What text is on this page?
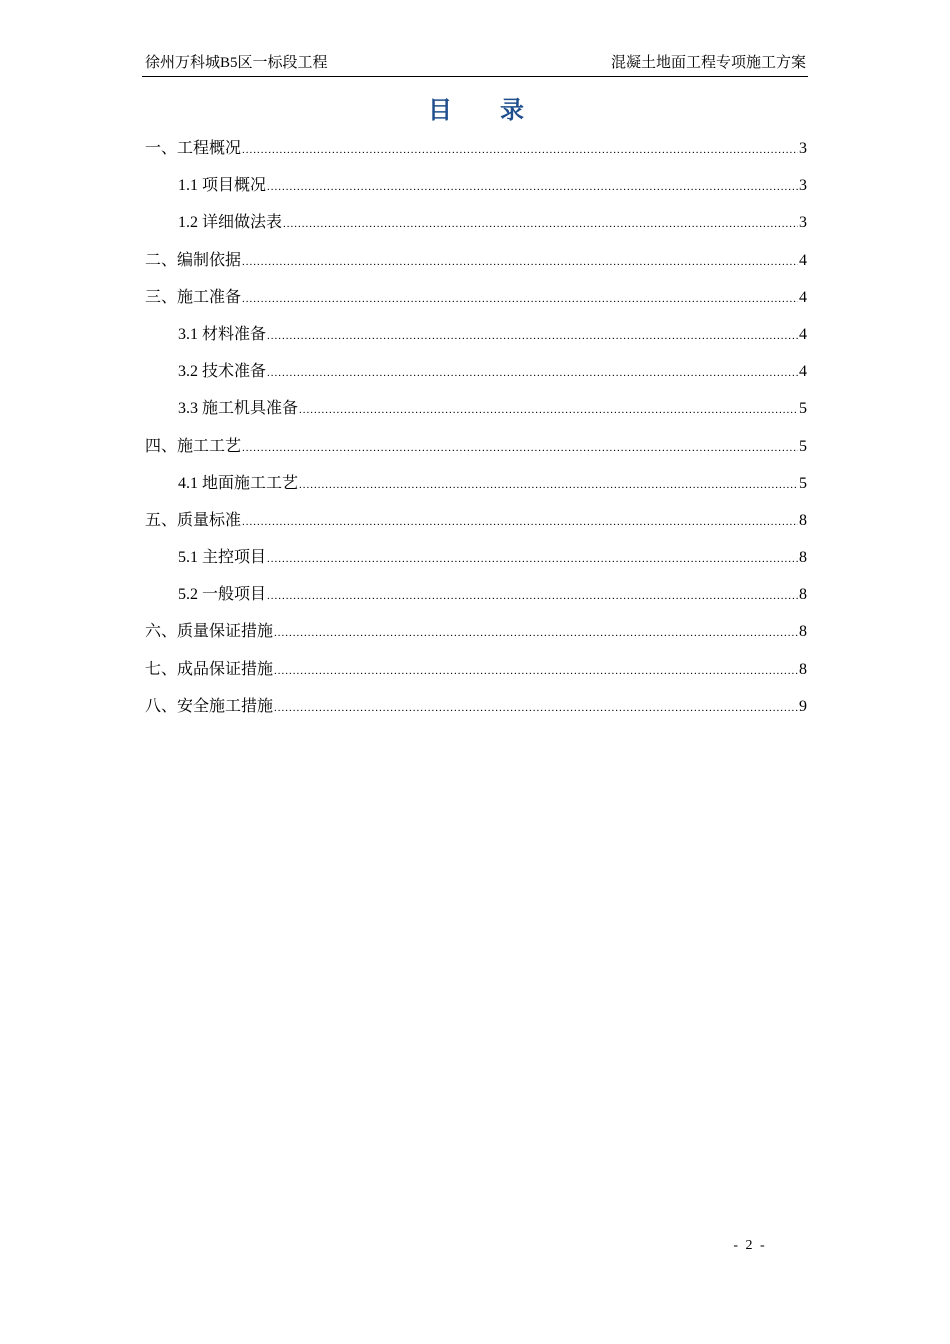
徐州万科城B5区一标段工程	混凝土地面工程专项施工方案
目录
一、工程概况 .....	3
1.1 项目概况 .....	3
1.2 详细做法表 .....	3
二、编制依据 .....	4
三、施工准备 .....	4
3.1 材料准备 .....	4
3.2 技术准备 .....	4
3.3 施工机具准备 .....	5
四、施工工艺 .....	5
4.1 地面施工工艺 .....	5
五、质量标准 .....	8
5.1 主控项目 .....	8
5.2 一般项目 .....	8
六、质量保证措施 .....	8
七、成品保证措施 .....	8
八、安全施工措施 .....	9
- 2 -
